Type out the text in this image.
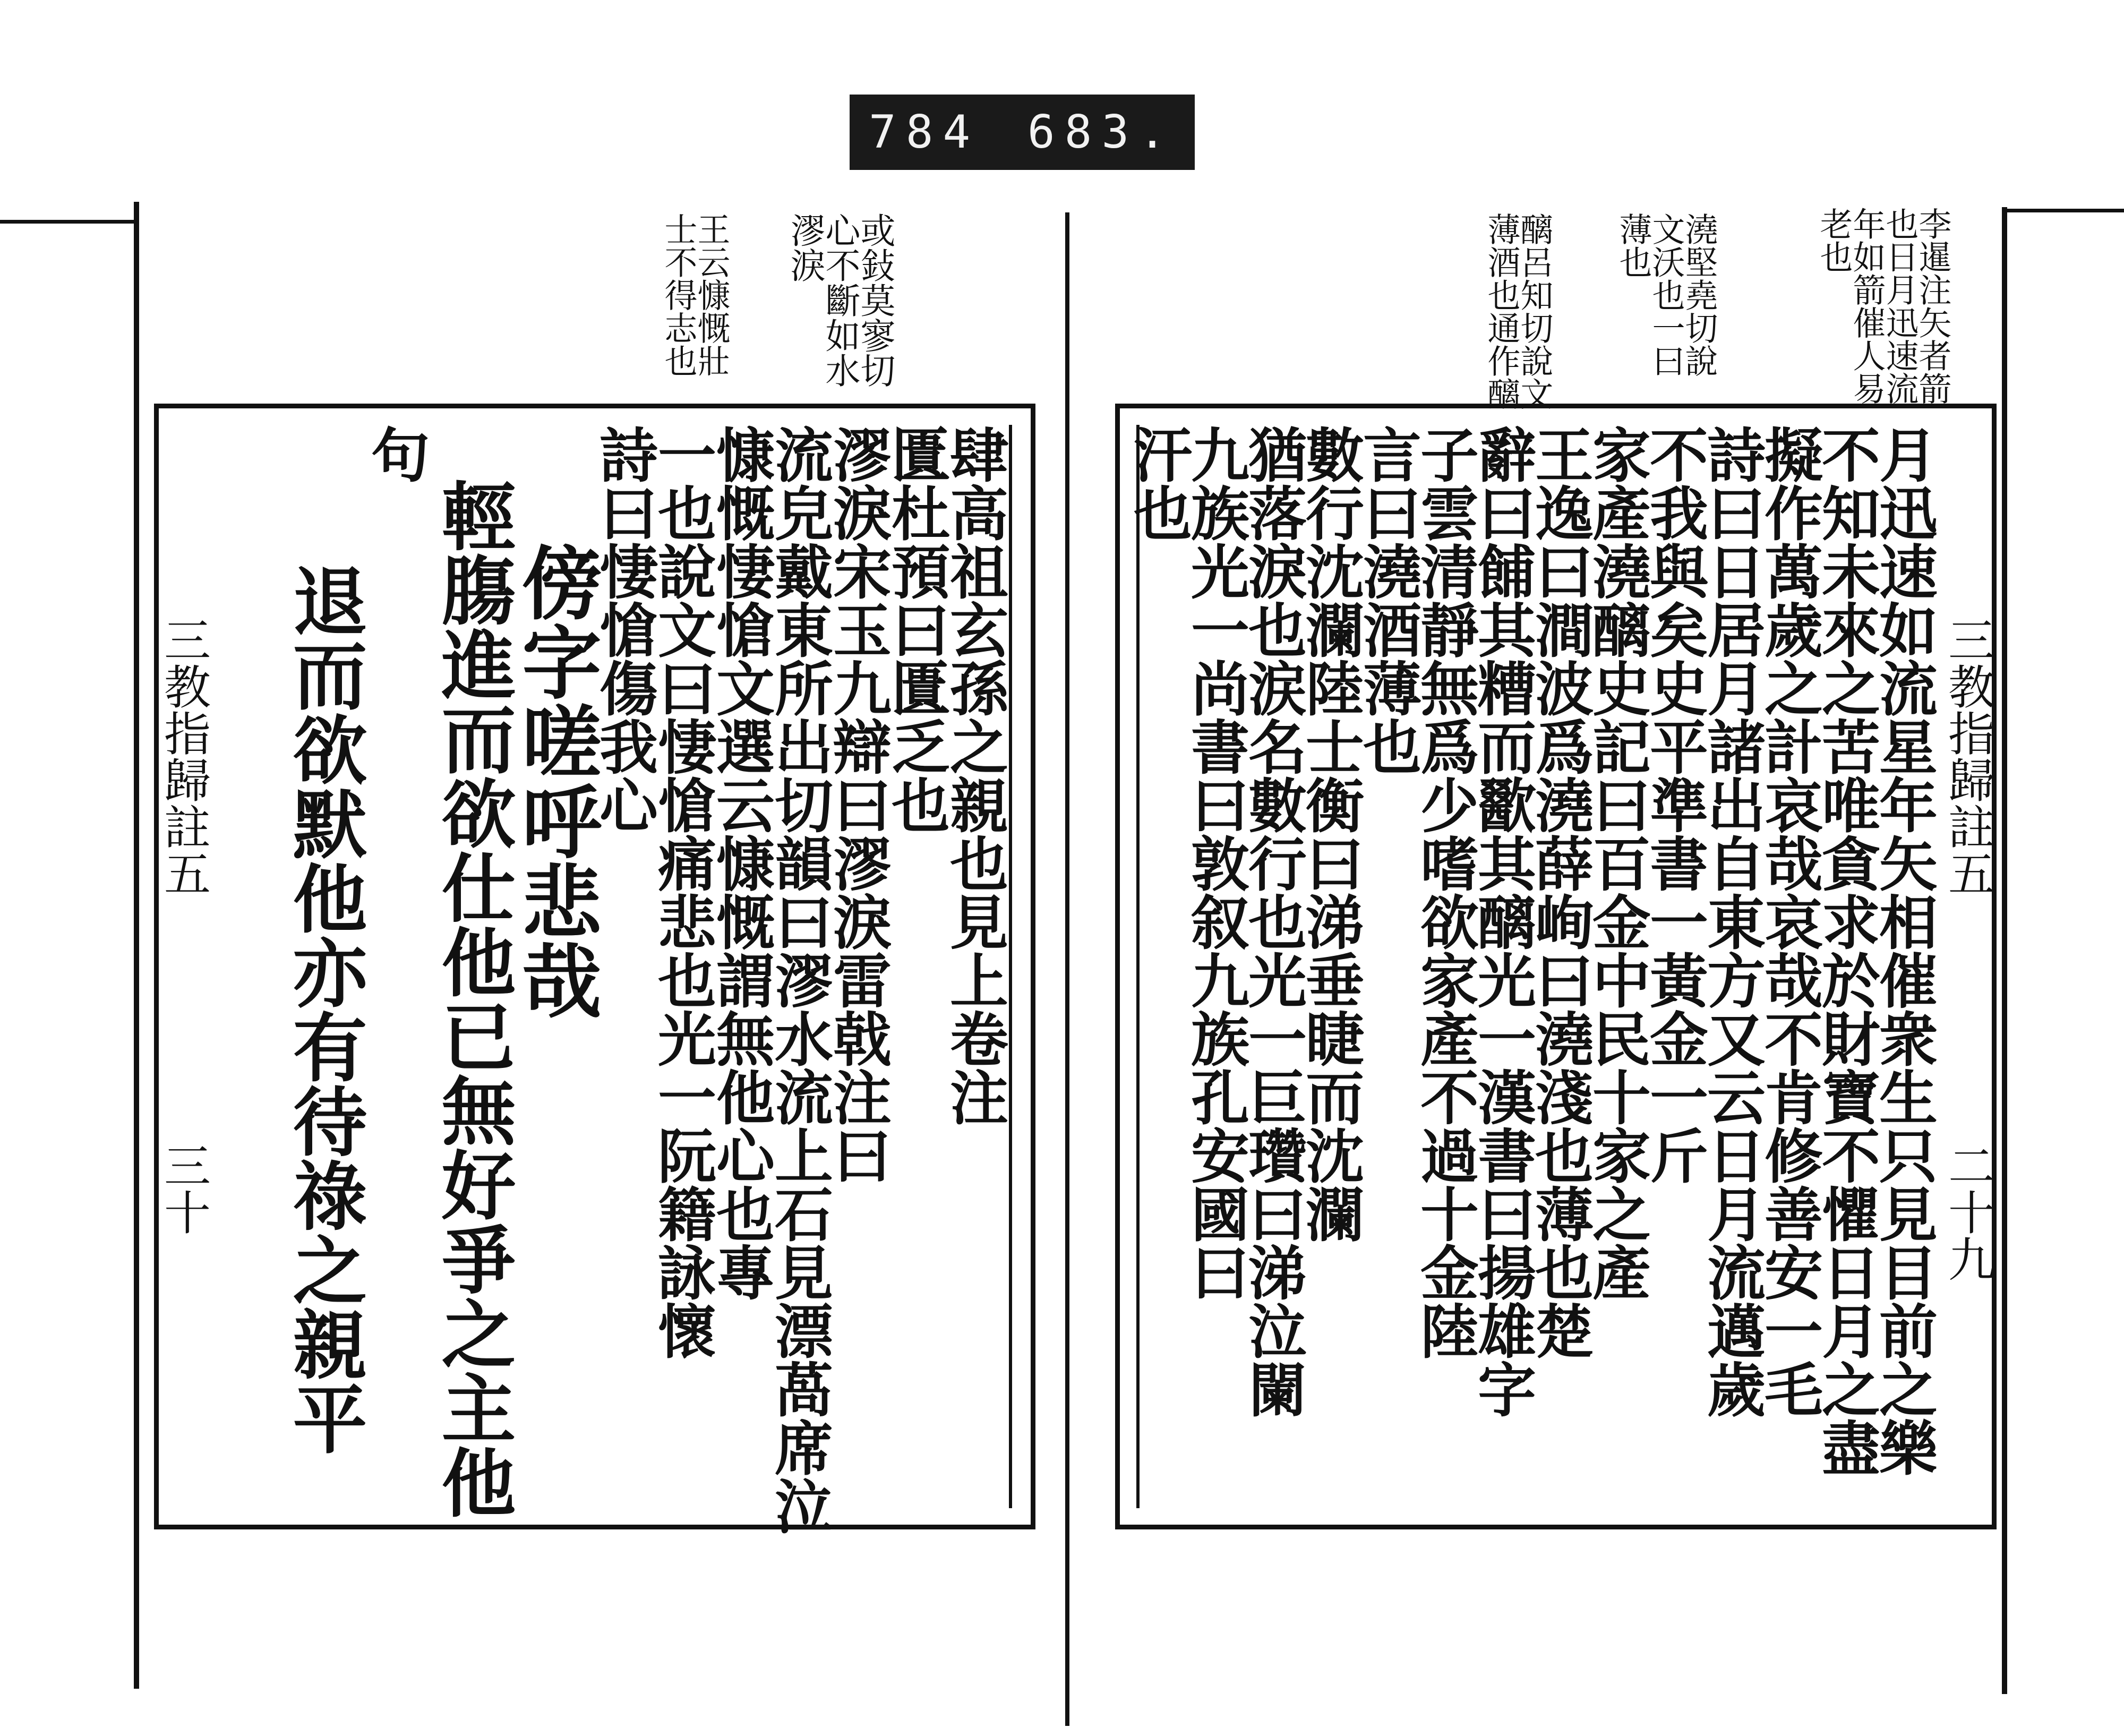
784 683.
李暹注矢者箭也日月迅速流年如箭催人易老也
澆堅堯切說文沃也一曰薄也
醨呂知切說文薄酒也通作醨
三教指歸註五
二十九
月迅速如流星年矢相催衆生只見目前之樂
不知未來之苦唯貪求於財寶不懼日月之盡
擬作萬歲之計哀哉哀哉不肯修善安一毛
詩曰日居月諸出自東方又云日月流邁歲
不我與矣史平準書一黃金一斤
家產澆醨史記曰百金中民十家之產
王逸曰澗波爲澆薛峋曰澆淺也薄也楚
辭曰餔其糟而歠其醨光一漢書曰揚雄字
子雲清靜無爲少嗜欲家產不過十金陸
言曰澆酒薄也
數行沈瀾陸士衡曰涕垂睫而沈瀾
猶落淚也涙名數行也光一巨瓚曰涕泣闌
九族光一尚書曰敦叙九族孔安國曰
汗也
或鈙莫寥切心不斷如水漻淚
王云慷慨壯士不得志也
三教指歸註五
三十
肆高祖玄孫之親也見上卷注
匱杜預曰匱乏也
漻淚宋玉九辯曰漻淚雷戟注曰
流皃戴東所出切韻曰漻水流上石見漂萵席泣
慷慨悽愴文選云慷慨謂無他心也專
一也說文曰悽愴痛悲也光一阮籍詠懷
詩曰悽愴傷我心
傍字嗟呼悲哉
輕膓進而欲仕他已無好爭之主他
句
退而欲默他亦有待祿之親平
